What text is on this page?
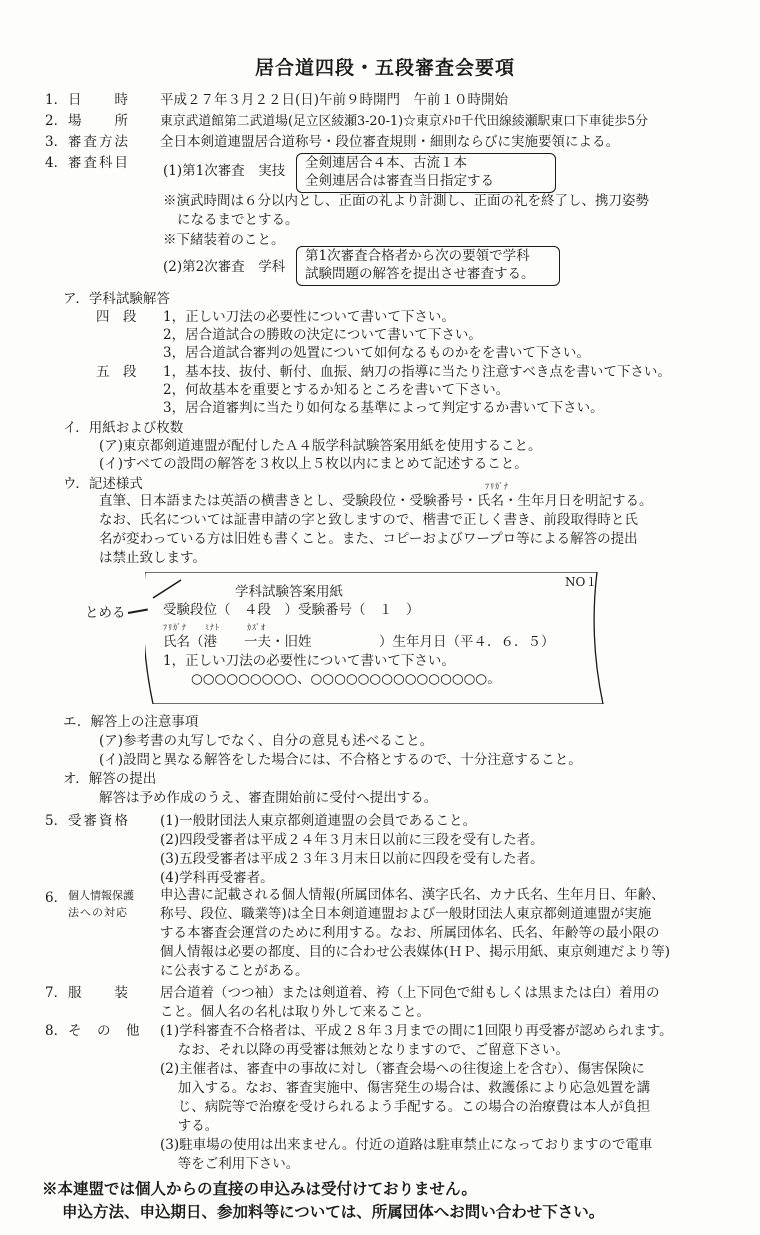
居合道四段・五段審査会要項
1． 日　　時 平成２７年３月２２日(日)午前９時開門　午前１０時開始
2． 場　　所 東京武道館第二武道場(足立区綾瀬3-20-1)☆東京ﾒﾄﾛ千代田線綾瀬駅東口下車徒歩5分
3． 審査方法 全日本剣道連盟居合道称号・段位審査規則・細則ならびに実施要領による。
4． 審査科目 (1)第1次審査　実技 全剣連居合４本、古流１本
全剣連居合は審査当日指定する
※演武時間は６分以内とし、正面の礼より計測し、正面の礼を終了し、携刀姿勢
になるまでとする。
※下緒装着のこと。
(2)第2次審査　学科
第1次審査合格者から次の要領で学科
試験問題の解答を提出させ審査する。
ア．学科試験解答
四　段 1，正しい刀法の必要性について書いて下さい。
2，居合道試合の勝敗の決定について書いて下さい。
3，居合道試合審判の処置について如何なるものかをを書いて下さい。
五　段 1，基本技、抜付、斬付、血振、納刀の指導に当たり注意すべき点を書いて下さい。
2，何故基本を重要とするか知るところを書いて下さい。
3，居合道審判に当たり如何なる基準によって判定するか書いて下さい。
イ．用紙および枚数
(ア)東京都剣道連盟が配付したＡ４版学科試験答案用紙を使用すること。
(イ)すべての設問の解答を３枚以上５枚以内にまとめて記述すること。
ウ．記述様式	ﾌﾘｶﾞﾅ
直筆、日本語または英語の横書きとし、受験段位・受験番号・氏名・生年月日を明記する。
なお、氏名については証書申請の字と致しますので、楷書で正しく書き、前段取得時と氏
名が変わっている方は旧姓も書くこと。また、コピーおよびワープロ等による解答の提出
は禁止致します。
とめる
NO１
学科試験答案用紙
受験段位（　４段　）受験番号（　１　）
ﾌﾘｶﾞﾅ　　ﾐﾅﾄ　　　ｶｽﾞｵ
氏名（港　　一夫・旧姓　　　　　）生年月日（平４．６．５）
1，正しい刀法の必要性について書いて下さい。
○○○○○○○○○、○○○○○○○○○○○○○○○。
エ．解答上の注意事項
(ア)参考書の丸写しでなく、自分の意見も述べること。
(イ)設問と異なる解答をした場合には、不合格とするので、十分注意すること。
オ．解答の提出
解答は予め作成のうえ、審査開始前に受付へ提出する。
5． 受審資格 (1)一般財団法人東京都剣道連盟の会員であること。
(2)四段受審者は平成２４年３月末日以前に三段を受有した者。
(3)五段受審者は平成２３年３月末日以前に四段を受有した者。
(4)学科再受審者。
6． 個人情報保護
法への対応
申込書に記載される個人情報(所属団体名、漢字氏名、カナ氏名、生年月日、年齢、
称号、段位、職業等)は全日本剣道連盟および一般財団法人東京都剣道連盟が実施
する本審査会運営のために利用する。なお、所属団体名、氏名、年齢等の最小限の
個人情報は必要の都度、目的に合わせ公表媒体(ＨＰ、掲示用紙、東京剣連だより等)
に公表することがある。
7． 服　　装 居合道着（つつ袖）または剣道着、袴（上下同色で紺もしくは黒または白）着用の
こと。個人名の名札は取り外して来ること。
8． そ　の　他 (1)学科審査不合格者は、平成２８年３月までの間に1回限り再受審が認められます。
　 なお、それ以降の再受審は無効となりますので、ご留意下さい。
(2)主催者は、審査中の事故に対し（審査会場への往復途上を含む）、傷害保険に
　 加入する。なお、審査実施中、傷害発生の場合は、救護係により応急処置を講
　 じ、病院等で治療を受けられるよう手配する。この場合の治療費は本人が負担
　 する。
(3)駐車場の使用は出来ません。付近の道路は駐車禁止になっておりますので電車
　 等をご利用下さい。
※本連盟では個人からの直接の申込みは受付けておりません。
申込方法、申込期日、参加料等については、所属団体へお問い合わせ下さい。
